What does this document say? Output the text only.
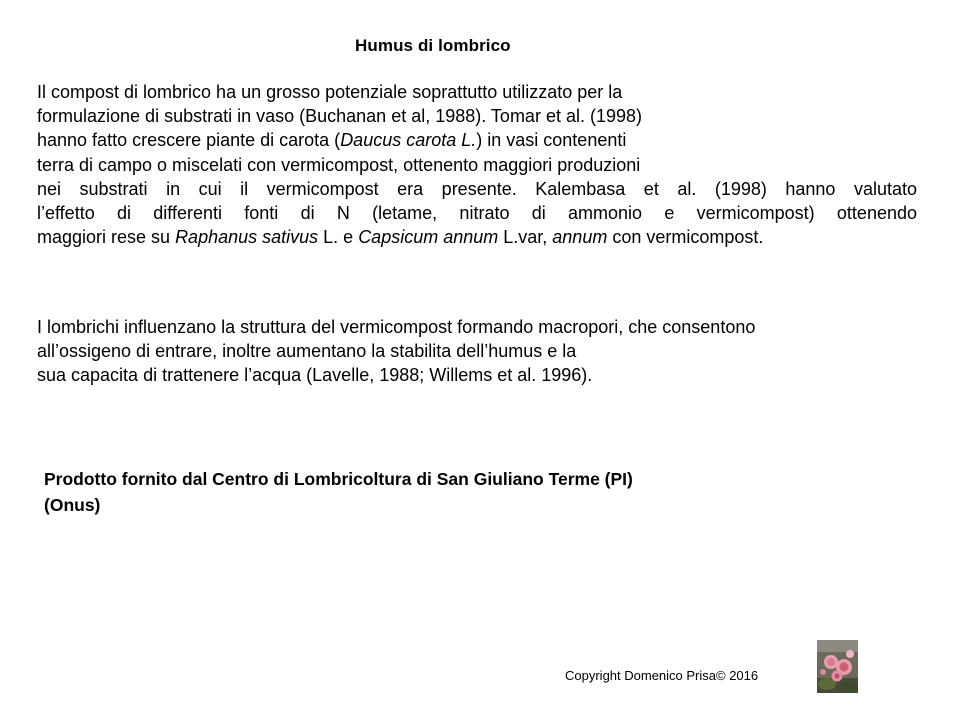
Humus di lombrico
Il compost di lombrico ha un grosso potenziale soprattutto utilizzato per la
formulazione di substrati in vaso (Buchanan et al, 1988). Tomar et al. (1998)
hanno fatto crescere piante di carota (Daucus carota L.) in vasi contenenti
terra di campo o miscelati con vermicompost, ottenento maggiori produzioni
nei substrati in cui il vermicompost era presente. Kalembasa et al. (1998) hanno valutato
l’effetto di differenti fonti di N (letame, nitrato di ammonio e vermicompost) ottenendo
maggiori rese su Raphanus sativus L. e Capsicum annum L.var, annum con vermicompost.
I lombrichi influenzano la struttura del vermicompost formando macropori, che consentono
all’ossigeno di entrare, inoltre aumentano la stabilita dell’humus e la
sua capacita di trattenere l’acqua (Lavelle, 1988; Willems et al. 1996).
Prodotto fornito dal Centro di Lombricoltura di San Giuliano Terme (PI)
(Onus)
Copyright Domenico Prisa© 2016
